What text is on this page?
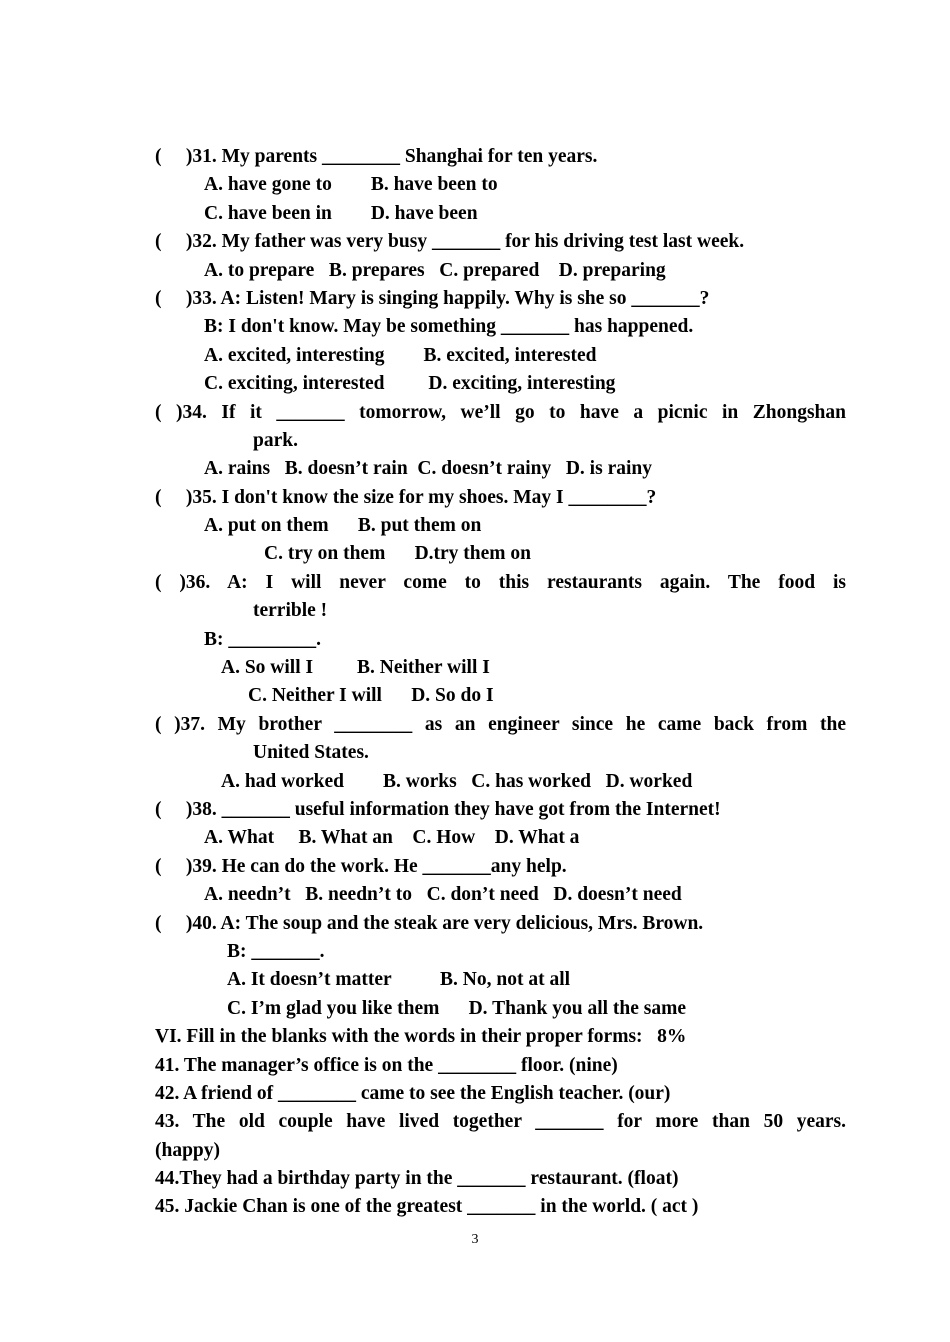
(     )31. My parents ________ Shanghai for ten years.
A. have gone to        B. have been to
C. have been in        D. have been
(     )32. My father was very busy _______ for his driving test last week.
A. to prepare   B. prepares   C. prepared    D. preparing
(     )33. A: Listen! Mary is singing happily. Why is she so _______?
B: I don't know. May be something _______ has happened.
A. excited, interesting        B. excited, interested
C. exciting, interested         D. exciting, interesting
( )34. If it _______ tomorrow, we’ll go to have a picnic in Zhongshan
park.
A. rains   B. doesn’t rain  C. doesn’t rainy   D. is rainy
(     )35. I don't know the size for my shoes. May I ________?
A. put on them      B. put them on
C. try on them      D.try them on
( )36. A: I will never come to this restaurants again. The food is
terrible !
B: _________.
A. So will I         B. Neither will I
C. Neither I will      D. So do I
( )37. My brother ________ as an engineer since he came back from the
United States.
A. had worked        B. works   C. has worked   D. worked
(     )38. _______ useful information they have got from the Internet!
A. What     B. What an    C. How    D. What a
(     )39. He can do the work. He _______any help.
A. needn’t   B. needn’t to   C. don’t need   D. doesn’t need
(     )40. A: The soup and the steak are very delicious, Mrs. Brown.
B: _______.
A. It doesn’t matter          B. No, not at all
C. I’m glad you like them      D. Thank you all the same
VI. Fill in the blanks with the words in their proper forms:   8%
41. The manager’s office is on the ________ floor. (nine)
42. A friend of ________ came to see the English teacher. (our)
43. The old couple have lived together _______ for more than 50 years.
(happy)
44.They had a birthday party in the _______ restaurant. (float)
45. Jackie Chan is one of the greatest _______ in the world. ( act )
3
